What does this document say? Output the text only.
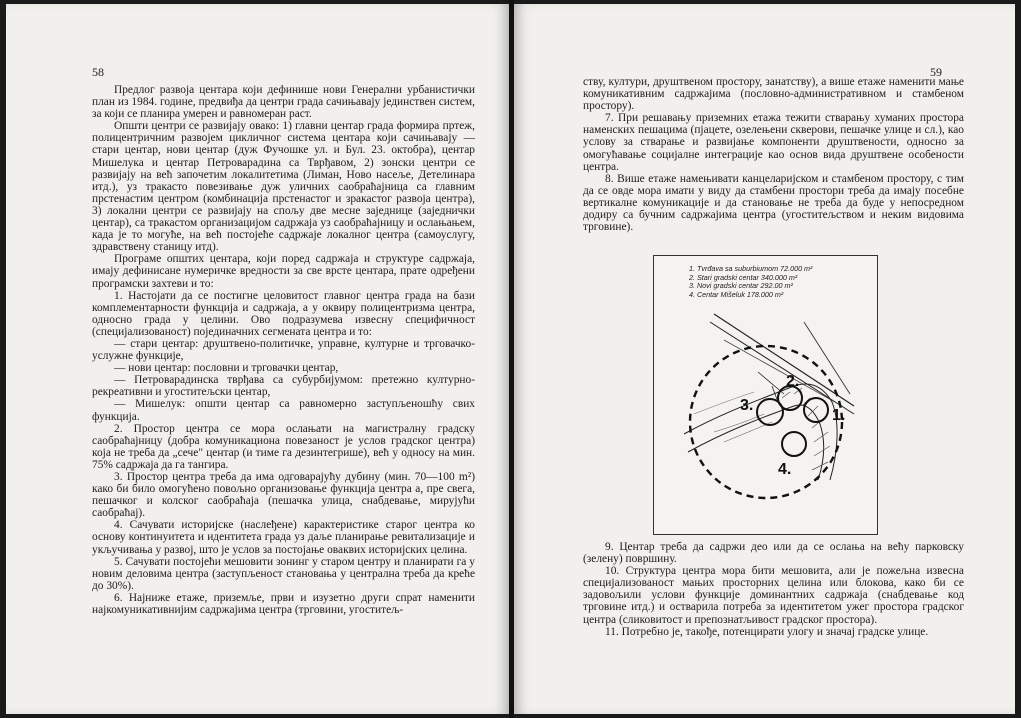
58

Предлог развоја центара који дефинише нови Генерални урбанистички план из 1984. године, предвиђа да центри града сачињавају јединствен систем, за који се планира умерен и равномеран раст.

Општи центри се развијају овако: 1) главни центар града формира пртеж, полицентричним развојем цикличног система центара који сачињавају — стари центар, нови центар (дуж Фучошке ул. и Бул. 23. октобра), центар Мишелука и центар Петроварадина са Тврђавом, 2) зонски центри се развијају на већ започетим локалитетима (Лиман, Ново насеље, Детелинара итд.), уз тракасто повезивање дуж уличних саобраћајница са главним прстенастим центром (комбинација прстенастог и зракастог развоја центра), 3) локални центри се развијају на спољу две месне заједнице (заједнички центар), са тракастом организацијом садржаја уз саобраћајницу и ослањањем, када је то могуће, на већ постојеће садржаје локалног центра (самоуслугу, здравствену станицу итд).

Програме општих центара, који поред садржаја и структуре садржаја, имају дефинисане нумеричке вредности за све врсте центара, прате одређени програмски захтеви и то:

1. Настојати да се постигне целовитост главног центра града на бази комплементарности функција и садржаја, а у оквиру полицентризма центра, односно града у целини. Ово подразумева извесну специфичност (специјализованост) појединачних сегмената центра и то:

— стари центар: друштвено-политичке, управне, културне и трговачко-услужне функције,

— нови центар: пословни и трговачки центар,

— Петроварадинска тврђава са субурбијумом: претежно културно-рекреативни и угоститељски центар,

— Мишелук: општи центар са равномерно заступљеношћу свих функција.

2. Простор центра се мора ослањати на магистралну градску саобраћајницу (добра комуникациона повезаност је услов градског центра) која не треба да „сече" центар (и тиме га дезинтегрише), већ у односу на мин. 75% садржаја да га тангира.

3. Простор центра треба да има одговарајућу дубину (мин. 70—100 m²) како би било омогућено повољно организовање функција центра а, пре свега, пешачког и колског саобраћаја (пешачка улица, снабдевање, мирујући саобраћај).

4. Сачувати историјске (наслеђене) карактеристике старог центра ко основу континуитета и идентитета града уз даље планирање ревитализације и укључивања у развој, што је услов за постојање оваквих историјских целина.

5. Сачувати постојећи мешовити зонинг у старом центру и планирати га у новим деловима центра (заступљеност становања у централна треба да креће до 30%).

6. Најниже етаже, приземље, први и изузетно други спрат наменити најкомуникативнијим садржајима центра (трговини, угоститељ-

59

ству, култури, друштвеном простору, занатству), а више етаже наменити мање комуникативним садржајима (пословно-административном и стамбеном простору).

7. При решавању приземних етажа тежити стварању хуманих простора наменских пешацима (пјацете, озелењени скверови, пешачке улице и сл.), као услову за стварање и развијање компоненти друштвености, односно за омогућавање социјалне интеграције као основ вида друштвене особености центра.

8. Више етаже намењивати канцеларијском и стамбеном простору, с тим да се овде мора имати у виду да стамбени простори треба да имају посебне вертикалне комуникације и да становање не треба да буде у непосредном додиру са бучним садржајима центра (угоститељством и неким видовима трговине).

1. Tvrđava sa suburbiumom 72.000 m²
2. Stari gradski centar 340.000 m²
3. Novi gradski centar 292.00 m²
4. Centar Mišeluk 178.000 m²
2.
3.
1.
4.

9. Центар треба да садржи део или да се ослања на већу парковску (зелену) површину.

10. Структура центра мора бити мешовита, али је пожељна извесна специјализованост мањих просторних целина или блокова, како би се задовољили услови функције доминантних садржаја (снабдевање код трговине итд.) и остварила потреба за идентитетом ужег простора градског центра (сликовитост и препознатљивост градског простора).

11. Потребно је, такође, потенцирати улогу и значај градске улице.
